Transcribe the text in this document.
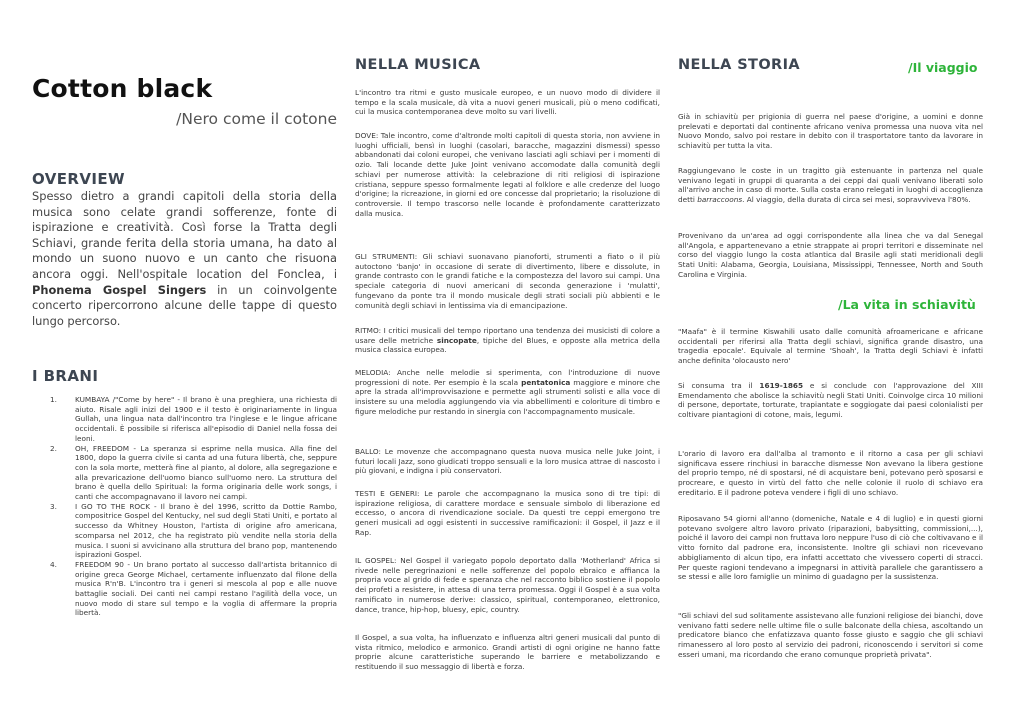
Cotton black

/Nero come il cotone

OVERVIEW

Spesso dietro a grandi capitoli della storia della musica sono celate grandi sofferenze, fonte di ispirazione e creatività. Così forse la Tratta degli Schiavi, grande ferita della storia umana, ha dato al mondo un suono nuovo e un canto che risuona ancora oggi. Nell'ospitale location del Fonclea, i Phonema Gospel Singers in un coinvolgente concerto ripercorrono alcune delle tappe di questo lungo percorso.

I BRANI
1. KUMBAYA /"Come by here" - Il brano è una preghiera, una richiesta di aiuto. Risale agli inizi del 1900 e il testo è originariamente in lingua Gullah, una lingua nata dall'incontro tra l'inglese e le lingue africane occidentali. È possibile si riferisca all'episodio di Daniel nella fossa dei leoni.
2. OH, FREEDOM - La speranza si esprime nella musica. Alla fine del 1800, dopo la guerra civile si canta ad una futura libertà, che, seppure con la sola morte, metterà fine al pianto, al dolore, alla segregazione e alla prevaricazione dell'uomo bianco sull'uomo nero. La struttura del brano è quella dello Spiritual: la forma originaria delle work songs, i canti che accompagnavano il lavoro nei campi.
3. I GO TO THE ROCK - Il brano è del 1996, scritto da Dottie Rambo, compositrice Gospel del Kentucky, nel sud degli Stati Uniti, e portato al successo da Whitney Houston, l'artista di origine afro americana, scomparsa nel 2012, che ha registrato più vendite nella storia della musica. I suoni si avvicinano alla struttura del brano pop, mantenendo ispirazioni Gospel.
4. FREEDOM 90 - Un brano portato al successo dall'artista britannico di origine greca George Michael, certamente influenzato dal filone della musica R'n'B. L'incontro tra i generi si mescola al pop e alle nuove battaglie sociali. Dei canti nei campi restano l'agilità della voce, un nuovo modo di stare sul tempo e la voglia di affermare la propria libertà.
NELLA MUSICA

L'incontro tra ritmi e gusto musicale europeo, e un nuovo modo di dividere il tempo e la scala musicale, dà vita a nuovi generi musicali, più o meno codificati, cui la musica contemporanea deve molto su vari livelli.

DOVE: Tale incontro, come d'altronde molti capitoli di questa storia, non avviene in luoghi ufficiali, bensì in luoghi (casolari, baracche, magazzini dismessi) spesso abbandonati dai coloni europei, che venivano lasciati agli schiavi per i momenti di ozio. Tali locande dette Juke Joint venivano accomodate dalla comunità degli schiavi per numerose attività: la celebrazione di riti religiosi di ispirazione cristiana, seppure spesso formalmente legati al folklore e alle credenze del luogo d'origine; la ricreazione, in giorni ed ore concesse dal proprietario; la risoluzione di controversie. Il tempo trascorso nelle locande è profondamente caratterizzato dalla musica.

GLI STRUMENTI: Gli schiavi suonavano pianoforti, strumenti a fiato o il più autoctono 'banjo' in occasione di serate di divertimento, libere e dissolute, in grande contrasto con le grandi fatiche e la compostezza del lavoro sui campi. Una speciale categoria di nuovi americani di seconda generazione i 'mulatti', fungevano da ponte tra il mondo musicale degli strati sociali più abbienti e le comunità degli schiavi in lentissima via di emancipazione.

RITMO: I critici musicali del tempo riportano una tendenza dei musicisti di colore a usare delle metriche sincopate, tipiche del Blues, e opposte alla metrica della musica classica europea.

MELODIA: Anche nelle melodie si sperimenta, con l'introduzione di nuove progressioni di note. Per esempio è la scala pentatonica maggiore e minore che apre la strada all'improvvisazione e permette agli strumenti solisti e alla voce di insistere su una melodia aggiungendo via via abbellimenti e coloriture di timbro e figure melodiche pur restando in sinergia con l'accompagnamento musicale.

BALLO: Le movenze che accompagnano questa nuova musica nelle Juke Joint, i futuri locali Jazz, sono giudicati troppo sensuali e la loro musica attrae di nascosto i più giovani, e indigna i più conservatori.

TESTI E GENERI: Le parole che accompagnano la musica sono di tre tipi: di ispirazione religiosa, di carattere mordace e sensuale simbolo di liberazione ed eccesso, o ancora di rivendicazione sociale. Da questi tre ceppi emergono tre generi musicali ad oggi esistenti in successive ramificazioni: il Gospel, il Jazz e il Rap.

IL GOSPEL: Nel Gospel il variegato popolo deportato dalla 'Motherland' Africa si rivede nelle peregrinazioni e nelle sofferenze del popolo ebraico e affianca la propria voce al grido di fede e speranza che nel racconto biblico sostiene il popolo dei profeti a resistere, in attesa di una terra promessa. Oggi il Gospel è a sua volta ramificato in numerose derive: classico, spiritual, contemporaneo, elettronico, dance, trance, hip-hop, bluesy, epic, country.

Il Gospel, a sua volta, ha influenzato e influenza altri generi musicali dal punto di vista ritmico, melodico e armonico. Grandi artisti di ogni origine ne hanno fatte proprie alcune caratteristiche superando le barriere e metabolizzando e restituendo il suo messaggio di libertà e forza.

NELLA STORIA	/Il viaggio

Già in schiavitù per prigionia di guerra nel paese d'origine, a uomini e donne prelevati e deportati dal continente africano veniva promessa una nuova vita nel Nuovo Mondo, salvo poi restare in debito con il trasportatore tanto da lavorare in schiavitù per tutta la vita.

Raggiungevano le coste in un tragitto già estenuante in partenza nel quale venivano legati in gruppi di quaranta a dei ceppi dai quali venivano liberati solo all'arrivo anche in caso di morte. Sulla costa erano relegati in luoghi di accoglienza detti barraccoons. Al viaggio, della durata di circa sei mesi, sopravviveva l'80%.

Provenivano da un'area ad oggi corrispondente alla linea che va dal Senegal all'Angola, e appartenevano a etnie strappate ai propri territori e disseminate nel corso del viaggio lungo la costa atlantica dal Brasile agli stati meridionali degli Stati Uniti: Alabama, Georgia, Louisiana, Mississippi, Tennessee, North and South Carolina e Virginia.

/La vita in schiavitù

"Maafa" è il termine Kiswahili usato dalle comunità afroamericane e africane occidentali per riferirsi alla Tratta degli schiavi, significa grande disastro, una tragedia epocale'. Equivale al termine 'Shoah', la Tratta degli Schiavi è infatti anche definita 'olocausto nero'

Si consuma tra il 1619-1865 e si conclude con l'approvazione del XIII Emendamento che abolisce la schiavitù negli Stati Uniti. Coinvolge circa 10 milioni di persone, deportate, torturate, trapiantate e soggiogate dai paesi colonialisti per coltivare piantagioni di cotone, mais, legumi.

L'orario di lavoro era dall'alba al tramonto e il ritorno a casa per gli schiavi significava essere rinchiusi in baracche dismesse Non avevano la libera gestione del proprio tempo, né di spostarsi, né di acquistare beni, potevano però sposarsi e procreare, e questo in virtù del fatto che nelle colonie il ruolo di schiavo era ereditario. E il padrone poteva vendere i figli di uno schiavo.

Riposavano 54 giorni all'anno (domeniche, Natale e 4 di luglio) e in questi giorni potevano svolgere altro lavoro privato (riparazioni, babysitting, commissioni,...), poiché il lavoro dei campi non fruttava loro neppure l'uso di ciò che coltivavano e il vitto fornito dal padrone era, inconsistente. Inoltre gli schiavi non ricevevano abbigliamento di alcun tipo, era infatti accettato che vivessero coperti di stracci. Per queste ragioni tendevano a impegnarsi in attività parallele che garantissero a se stessi e alle loro famiglie un minimo di guadagno per la sussistenza.

"Gli schiavi del sud solitamente assistevano alle funzioni religiose dei bianchi, dove venivano fatti sedere nelle ultime file o sulle balconate della chiesa, ascoltando un predicatore bianco che enfatizzava quanto fosse giusto e saggio che gli schiavi rimanessero al loro posto al servizio dei padroni, riconoscendo i servitori si come esseri umani, ma ricordando che erano comunque proprietà privata".
